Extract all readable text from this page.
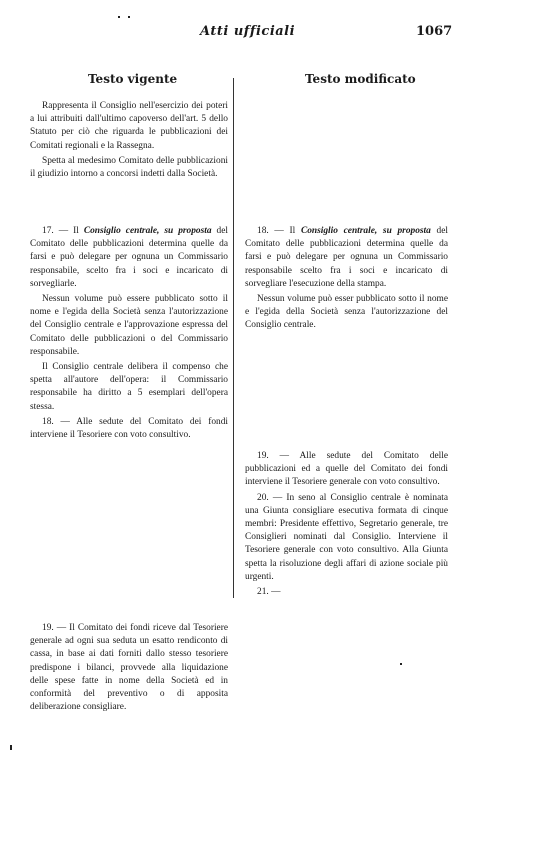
Atti ufficiali	1067
Testo vigente	Testo modificato

Rappresenta il Consiglio nell'esercizio dei poteri a lui attribuiti dall'ultimo capoverso dell'art. 5 dello Statuto per ciò che riguarda le pubblicazioni dei Comitati regionali e la Rassegna.

Spetta al medesimo Comitato delle pubblicazioni il giudizio intorno a concorsi indetti dalla Società.

17. — Il Consiglio centrale, su proposta del Comitato delle pubblicazioni determina quelle da farsi e può delegare per ognuna un Commissario responsabile, scelto fra i soci e incaricato di sorvegliarle.

Nessun volume può essere pubblicato sotto il nome e l'egida della Società senza l'autorizzazione del Consiglio centrale e l'approvazione espressa del Comitato delle pubblicazioni o del Commissario responsabile.

Il Consiglio centrale delibera il compenso che spetta all'autore dell'opera: il Commissario responsabile ha diritto a 5 esemplari dell'opera stessa.

18. — Alle sedute del Comitato dei fondi interviene il Tesoriere con voto consultivo.

19. — Il Comitato dei fondi riceve dal Tesoriere generale ad ogni sua seduta un esatto rendiconto di cassa, in base ai dati forniti dallo stesso tesoriere predispone i bilanci, provvede alla liquidazione delle spese fatte in nome della Società ed in conformità del preventivo o di apposita deliberazione consigliare.

18. — Il Consiglio centrale, su proposta del Comitato delle pubblicazioni determina quelle da farsi e può delegare per ognuna un Commissario responsabile scelto fra i soci e incaricato di sorvegliare l'esecuzione della stampa.

Nessun volume può esser pubblicato sotto il nome e l'egida della Società senza l'autorizzazione del Consiglio centrale.

19. — Alle sedute del Comitato delle pubblicazioni ed a quelle del Comitato dei fondi interviene il Tesoriere generale con voto consultivo.

20. — In seno al Consiglio centrale è nominata una Giunta consigliare esecutiva formata di cinque membri: Presidente effettivo, Segretario generale, tre Consiglieri nominati dal Consiglio. Interviene il Tesoriere generale con voto consultivo. Alla Giunta spetta la risoluzione degli affari di azione sociale più urgenti.

21. —
